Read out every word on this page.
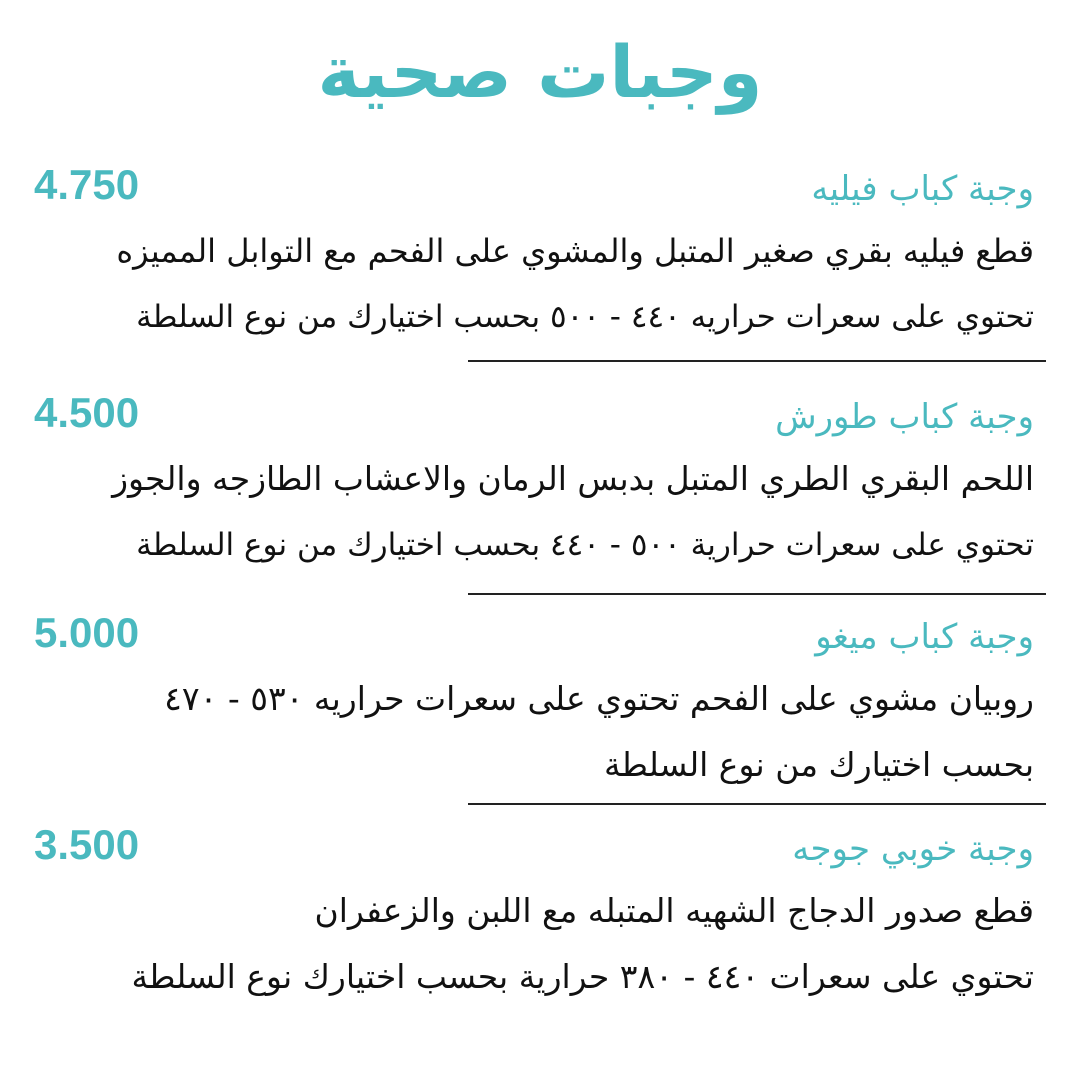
وجبات صحية
وجبة كباب فيليه
4.750
قطع فيليه بقري صغير المتبل والمشوي على الفحم مع التوابل المميزه
تحتوي على سعرات حراريه ٤٤٠ - ٥٠٠ بحسب اختيارك من نوع السلطة
وجبة كباب طورش
4.500
اللحم البقري الطري المتبل بدبس الرمان والاعشاب الطازجه والجوز
تحتوي على سعرات حرارية ٥٠٠ - ٤٤٠ بحسب اختيارك من نوع السلطة
وجبة كباب ميغو
5.000
روبيان مشوي على الفحم تحتوي على سعرات حراريه ٥٣٠ - ٤٧٠
بحسب اختيارك من نوع السلطة
وجبة خوبي جوجه
3.500
قطع صدور الدجاج الشهيه المتبله مع اللبن والزعفران
تحتوي على سعرات ٤٤٠ - ٣٨٠ حرارية بحسب اختيارك نوع السلطة
